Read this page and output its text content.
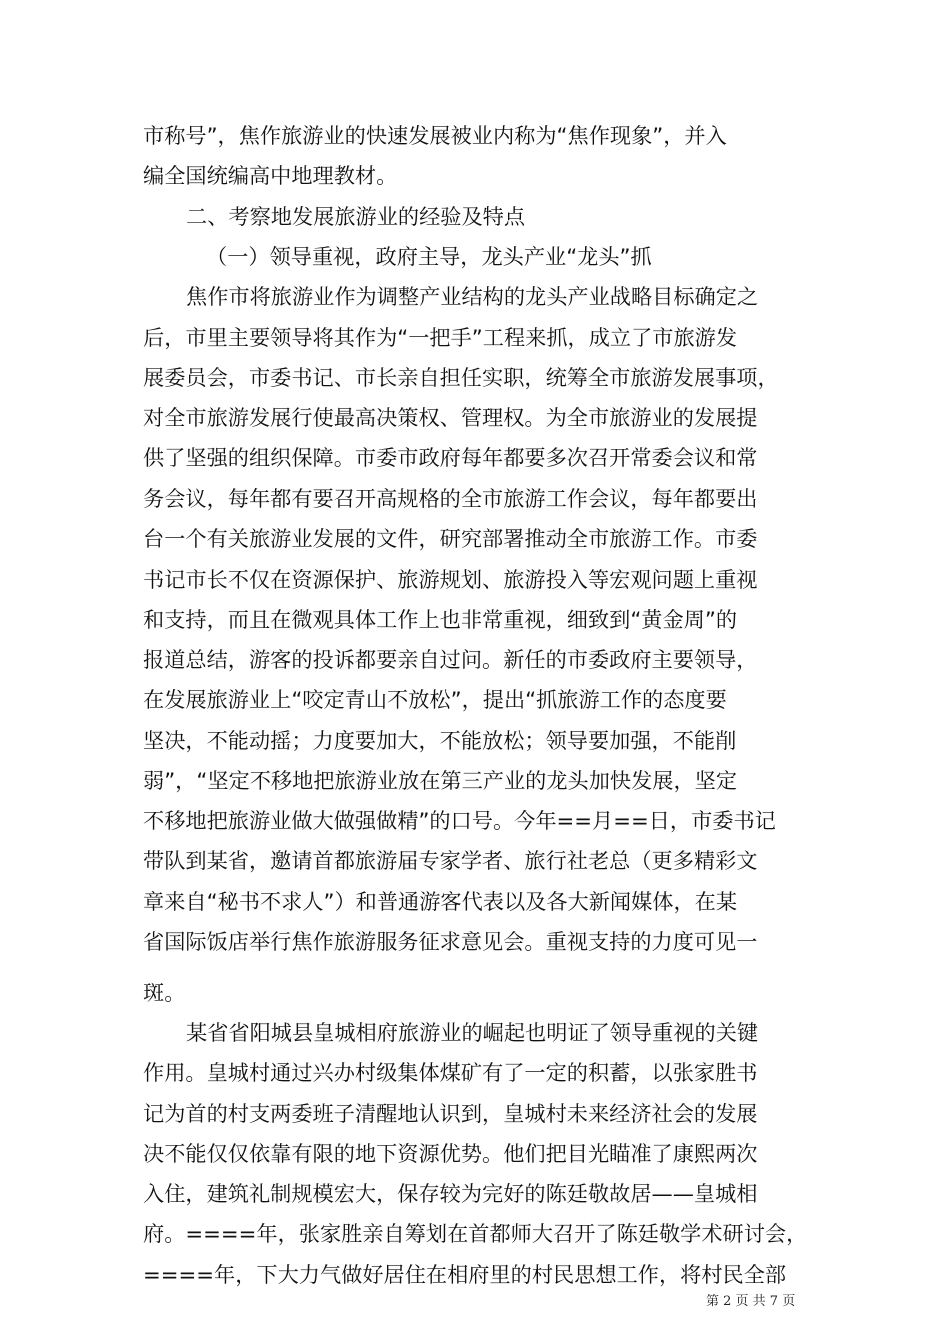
市称号”，焦作旅游业的快速发展被业内称为“焦作现象”，并入
编全国统编高中地理教材。
二、考察地发展旅游业的经验及特点
（一）领导重视，政府主导，龙头产业“龙头”抓
焦作市将旅游业作为调整产业结构的龙头产业战略目标确定之
后，市里主要领导将其作为“一把手”工程来抓，成立了市旅游发
展委员会，市委书记、市长亲自担任实职，统筹全市旅游发展事项，
对全市旅游发展行使最高决策权、管理权。为全市旅游业的发展提
供了坚强的组织保障。市委市政府每年都要多次召开常委会议和常
务会议，每年都有要召开高规格的全市旅游工作会议，每年都要出
台一个有关旅游业发展的文件，研究部署推动全市旅游工作。市委
书记市长不仅在资源保护、旅游规划、旅游投入等宏观问题上重视
和支持，而且在微观具体工作上也非常重视，细致到“黄金周”的
报道总结，游客的投诉都要亲自过问。新任的市委政府主要领导，
在发展旅游业上“咬定青山不放松”，提出“抓旅游工作的态度要
坚决，不能动摇；力度要加大，不能放松；领导要加强，不能削
弱”，“坚定不移地把旅游业放在第三产业的龙头加快发展，坚定
不移地把旅游业做大做强做精”的口号。今年==月==日，市委书记
带队到某省，邀请首都旅游届专家学者、旅行社老总（更多精彩文
章来自“秘书不求人”）和普通游客代表以及各大新闻媒体，在某
省国际饭店举行焦作旅游服务征求意见会。重视支持的力度可见一
斑。
某省省阳城县皇城相府旅游业的崛起也明证了领导重视的关键
作用。皇城村通过兴办村级集体煤矿有了一定的积蓄，以张家胜书
记为首的村支两委班子清醒地认识到，皇城村未来经济社会的发展
决不能仅仅依靠有限的地下资源优势。他们把目光瞄准了康熙两次
入住，建筑礼制规模宏大，保存较为完好的陈廷敬故居——皇城相
府。====年，张家胜亲自筹划在首都师大召开了陈廷敬学术研讨会，
====年，下大力气做好居住在相府里的村民思想工作，将村民全部
第 2 页 共 7 页
